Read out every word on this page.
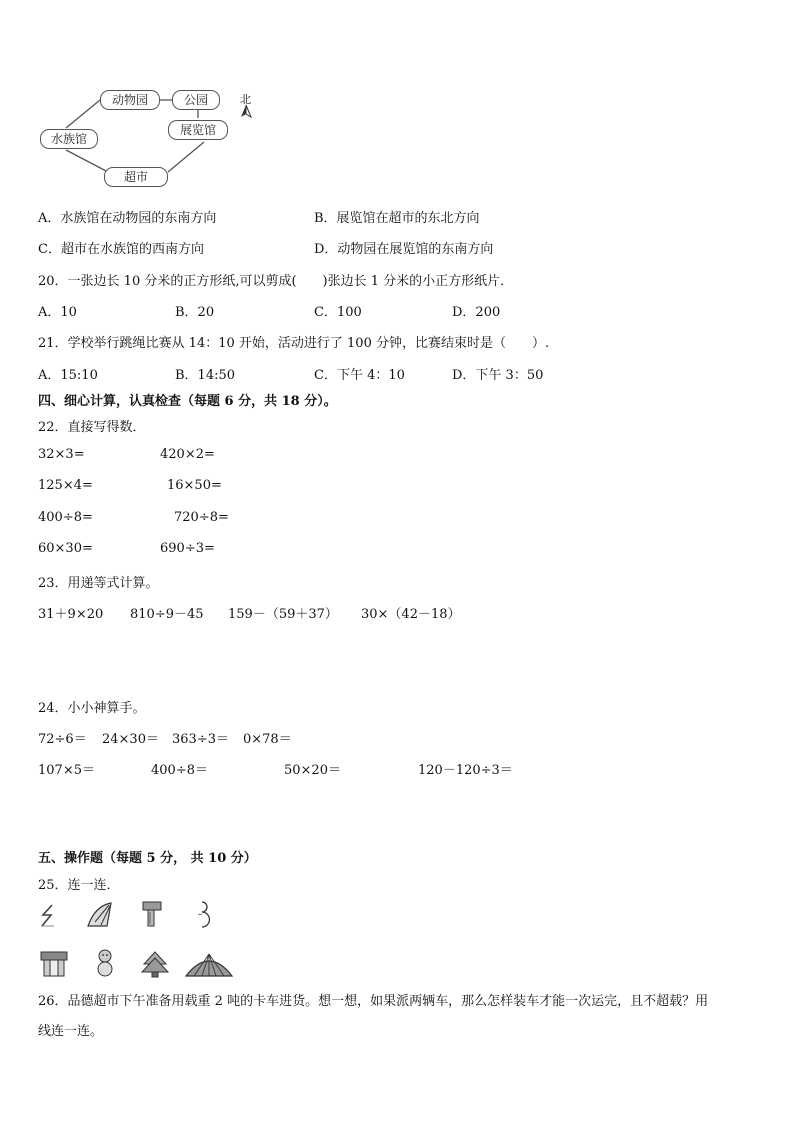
动物园	公园
展览馆
水族馆
超市
北
A．水族馆在动物园的东南方向	B．展览馆在超市的东北方向
C．超市在水族馆的西南方向	D．动物园在展览馆的东南方向
20．一张边长 10 分米的正方形纸,可以剪成(　　)张边长 1 分米的小正方形纸片．
A．10	B．20	C．100	D．200
21．学校举行跳绳比赛从 14：10 开始，活动进行了 100 分钟，比赛结束时是（　　）.
A．15:10	B．14:50	C．下午 4：10	D．下午 3：50
四、细心计算，认真检查（每题 6 分，共 18 分）。
22．直接写得数．
32×3=	420×2=
125×4=	16×50=
400÷8=	720÷8=
60×30=	690÷3=
23．用递等式计算。
31＋9×20 810÷9－45 159－（59＋37） 30×（42－18）
24．小小神算手。
72÷6＝ 24×30＝ 363÷3＝ 0×78＝
107×5＝	400÷8＝	50×20＝	120－120÷3＝
五、操作题（每题 5 分， 共 10 分）
25．连一连．
26．品德超市下午准备用载重 2 吨的卡车进货。想一想，如果派两辆车，那么怎样装车才能一次运完，且不超载？用
线连一连。
